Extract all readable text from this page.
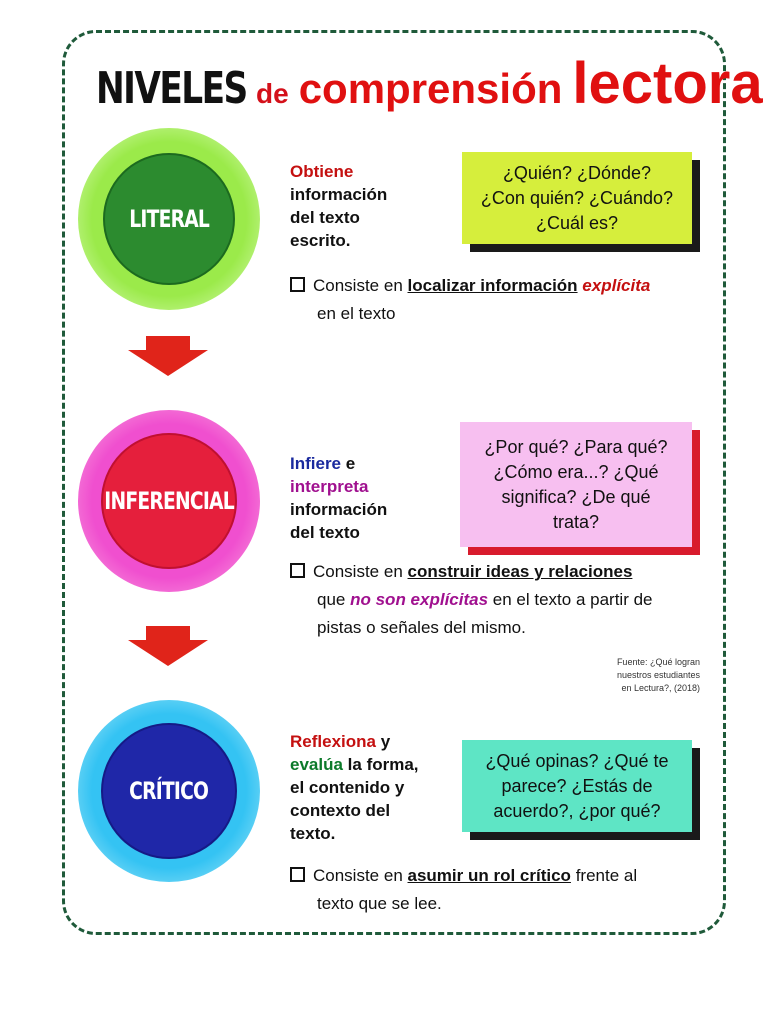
NIVELES de comprensión lectora
LITERAL
Obtiene
información
del texto
escrito.
¿Quién? ¿Dónde?
¿Con quién? ¿Cuándo?
¿Cuál es?
Consiste en localizar información explícita
en el texto
INFERENCIAL
Infiere e
interpreta
información
del texto
¿Por qué? ¿Para qué?
¿Cómo era...? ¿Qué
significa? ¿De qué
trata?
Consiste en construir ideas y relaciones
que no son explícitas en el texto a partir de
pistas o señales del mismo.
Fuente: ¿Qué logran
nuestros estudiantes
en Lectura?, (2018)
CRÍTICO
Reflexiona y
evalúa la forma,
el contenido y
contexto del
texto.
¿Qué opinas? ¿Qué te
parece? ¿Estás de
acuerdo?, ¿por qué?
Consiste en asumir un rol crítico frente al
texto que se lee.
